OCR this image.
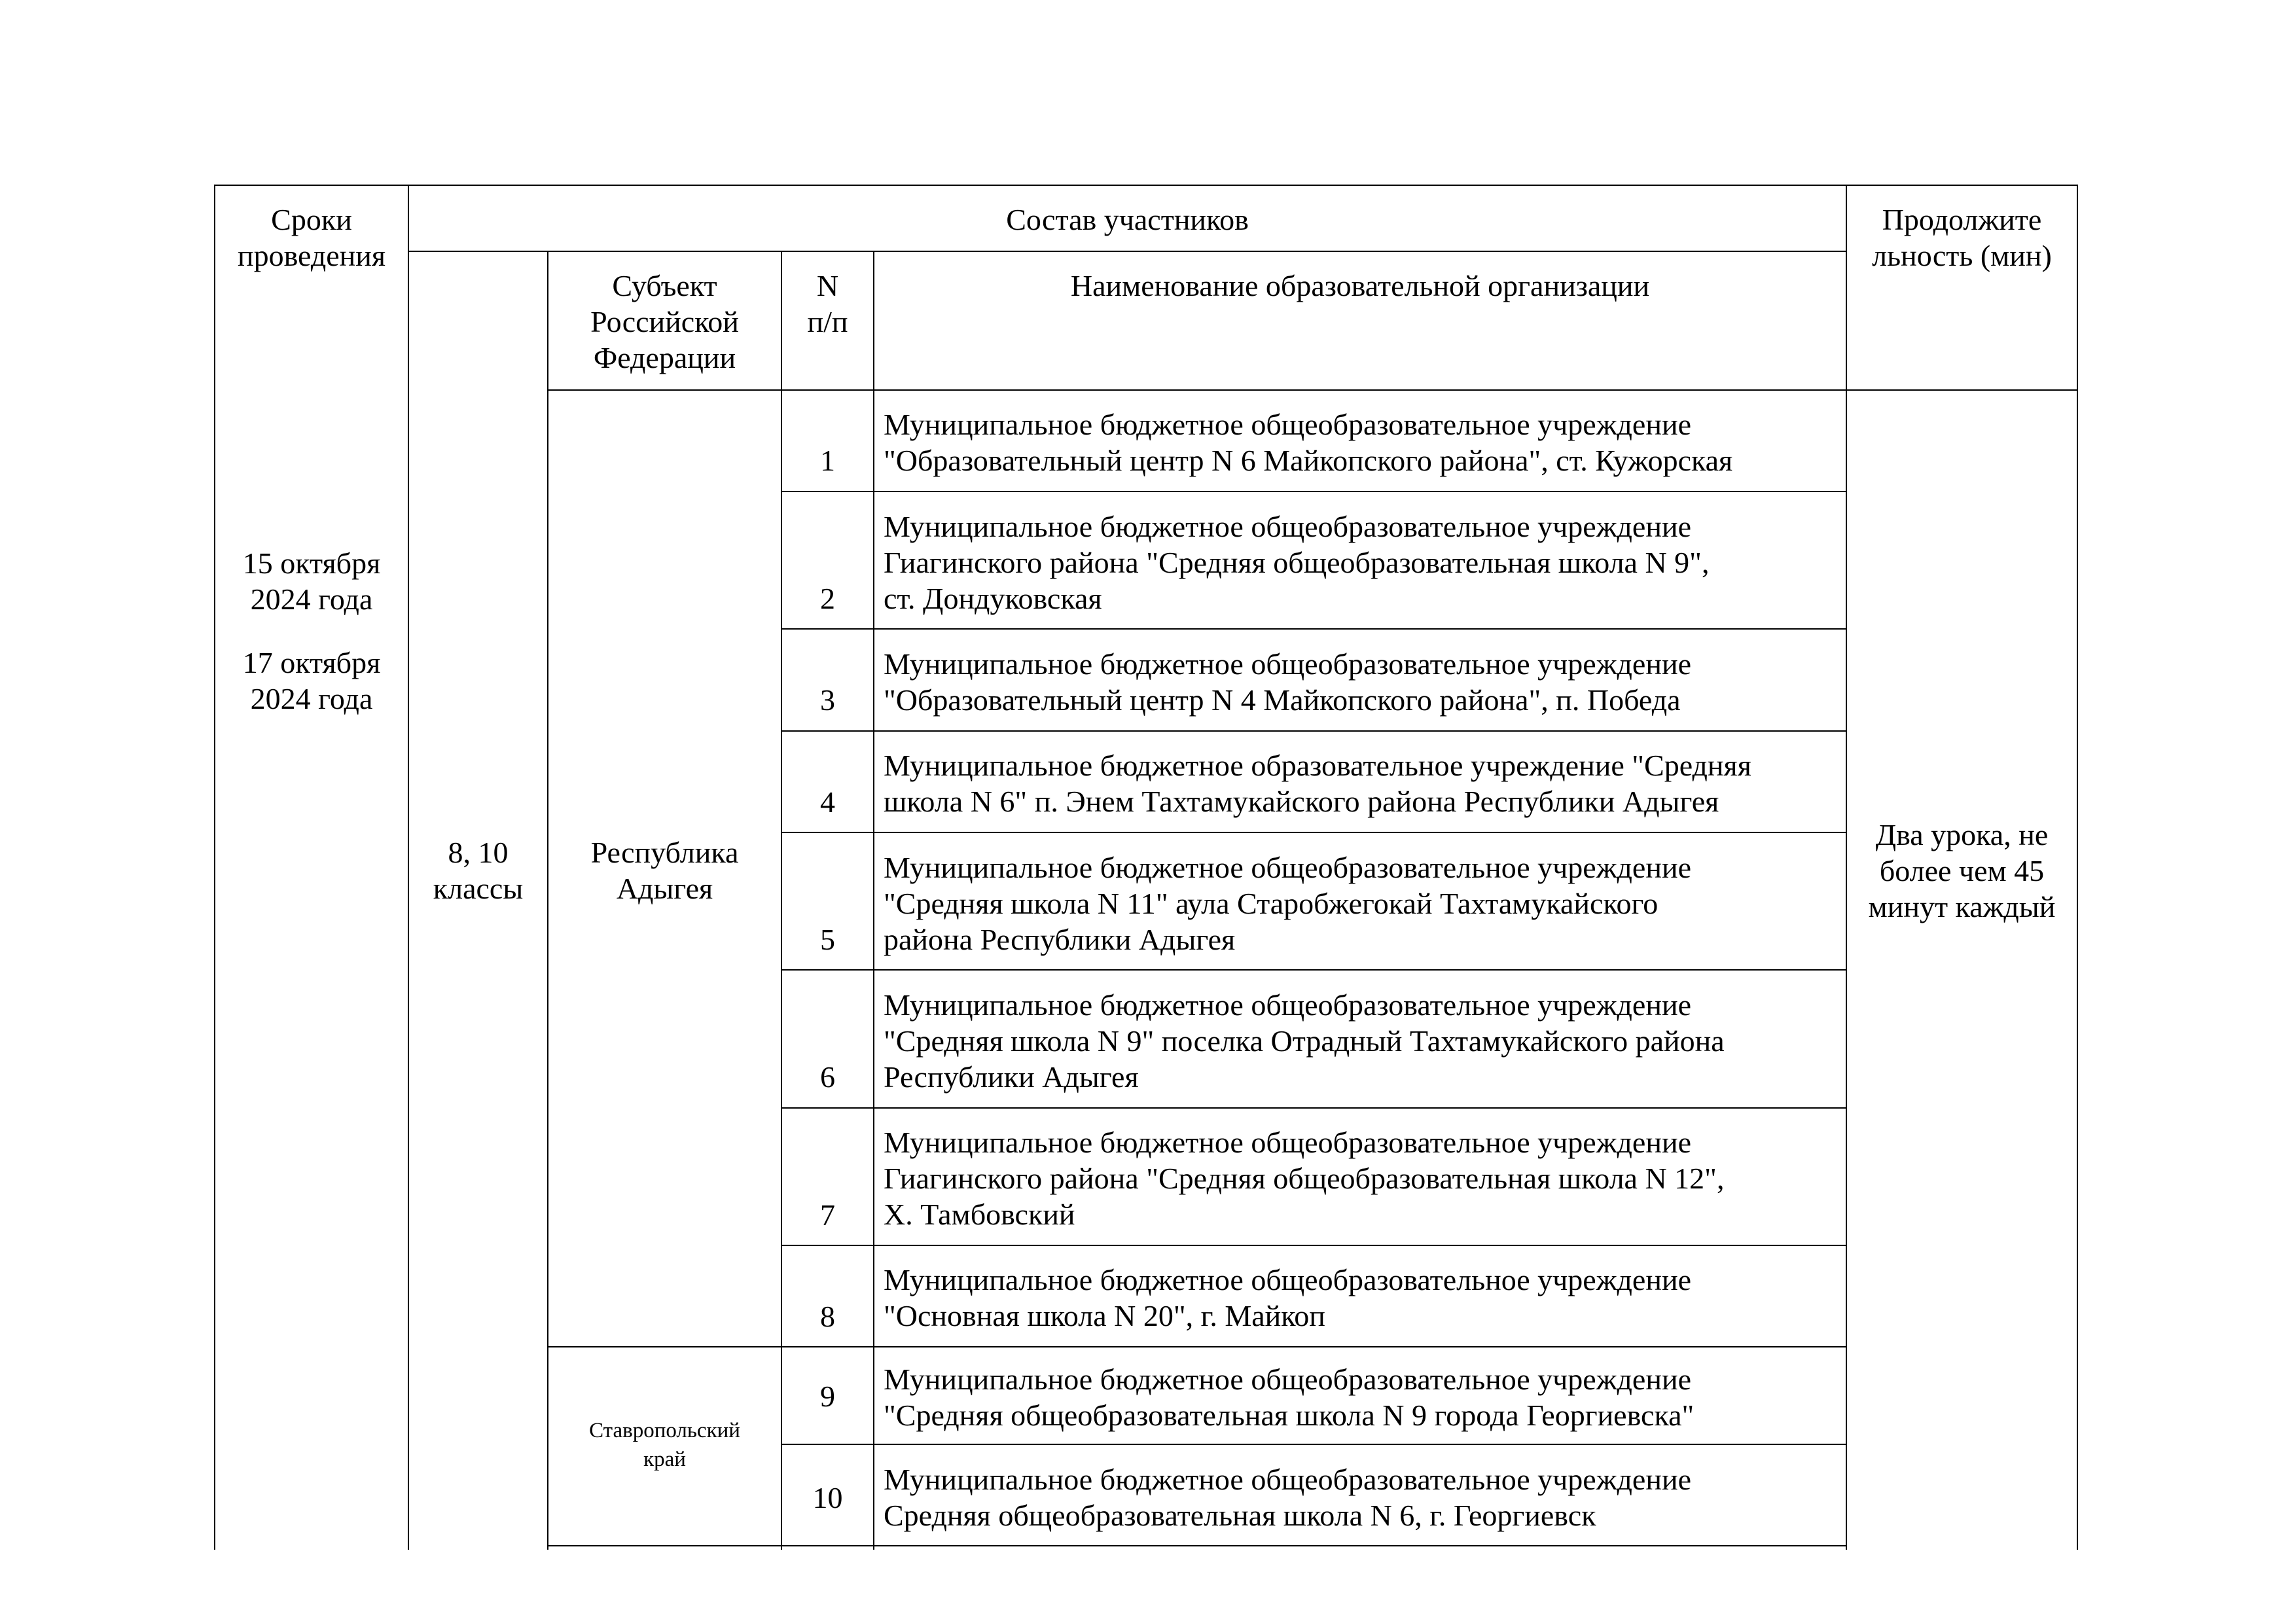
Сроки
проведения
Состав участников	Продолжите
льность (мин)
Субъект
Российской
Федерации
N
п/п
Наименование образовательной организации
15 октября
2024 года
17 октября
2024 года
8, 10
классы
Республика
Адыгея
Ставропольский
край
Два урока, не
более чем 45
минут каждый
1
Муниципальное бюджетное общеобразовательное учреждение
"Образовательный центр N 6 Майкопского района", ст. Кужорская
2
Муниципальное бюджетное общеобразовательное учреждение
Гиагинского района "Средняя общеобразовательная школа N 9",
ст. Дондуковская
3
Муниципальное бюджетное общеобразовательное учреждение
"Образовательный центр N 4 Майкопского района", п. Победа
4
Муниципальное бюджетное образовательное учреждение "Средняя
школа N 6" п. Энем Тахтамукайского района Республики Адыгея
5
Муниципальное бюджетное общеобразовательное учреждение
"Средняя школа N 11" аула Старобжегокай Тахтамукайского
района Республики Адыгея
6
Муниципальное бюджетное общеобразовательное учреждение
"Средняя школа N 9" поселка Отрадный Тахтамукайского района
Республики Адыгея
7
Муниципальное бюджетное общеобразовательное учреждение
Гиагинского района "Средняя общеобразовательная школа N 12",
Х. Тамбовский
8
Муниципальное бюджетное общеобразовательное учреждение
"Основная школа N 20", г. Майкоп
9
Муниципальное бюджетное общеобразовательное учреждение
"Средняя общеобразовательная школа N 9 города Георгиевска"
10
Муниципальное бюджетное общеобразовательное учреждение
Средняя общеобразовательная школа N 6, г. Георгиевск
